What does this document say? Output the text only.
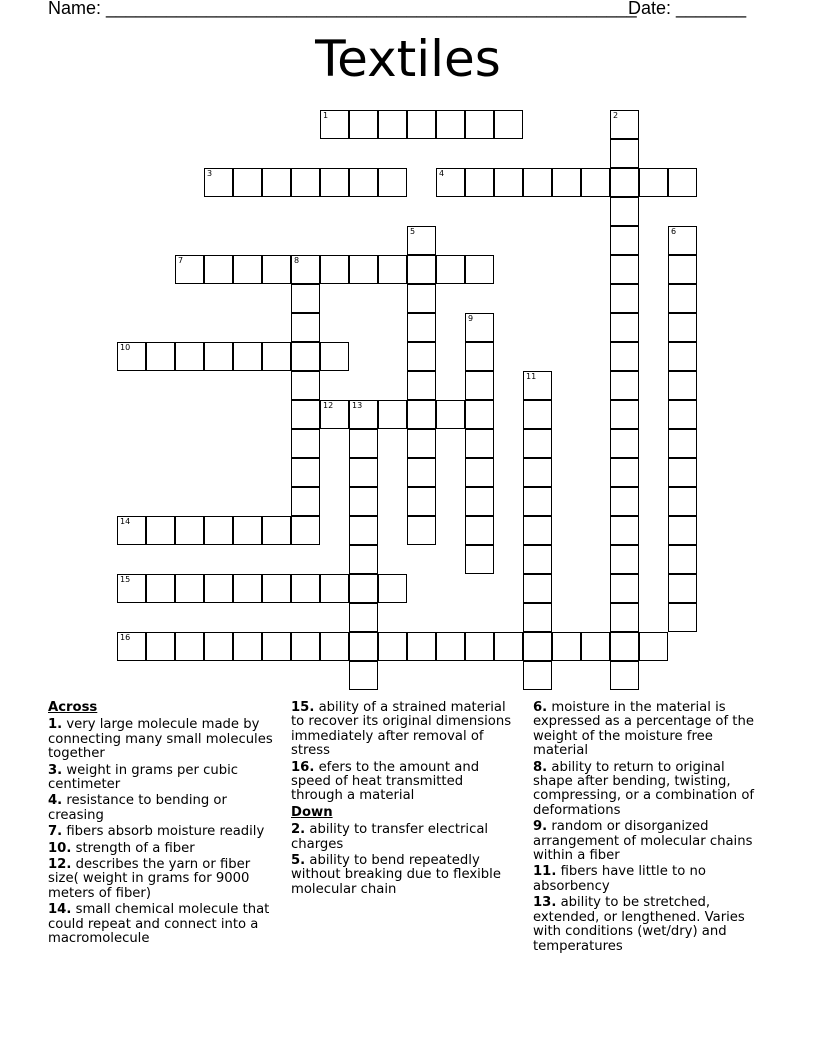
Name: _____________________________________________________
Date: _______
Textiles
1	2
3	4
5	6
7	8
9
10
11
12 13
14
15
16
Across
1. very large molecule made by connecting many small molecules together
3. weight in grams per cubic centimeter
4. resistance to bending or creasing
7. fibers absorb moisture readily
10. strength of a fiber
12. describes the yarn or fiber size( weight in grams for 9000 meters of fiber)
14. small chemical molecule that could repeat and connect into a macromolecule
15. ability of a strained material to recover its original dimensions immediately after removal of stress
16. efers to the amount and speed of heat transmitted through a material
Down
2. ability to transfer electrical charges
5. ability to bend repeatedly without breaking due to flexible molecular chain
6. moisture in the material is expressed as a percentage of the weight of the moisture free material
8. ability to return to original shape after bending, twisting, compressing, or a combination of deformations
9. random or disorganized arrangement of molecular chains within a fiber
11. fibers have little to no absorbency
13. ability to be stretched, extended, or lengthened. Varies with conditions (wet/dry) and temperatures
